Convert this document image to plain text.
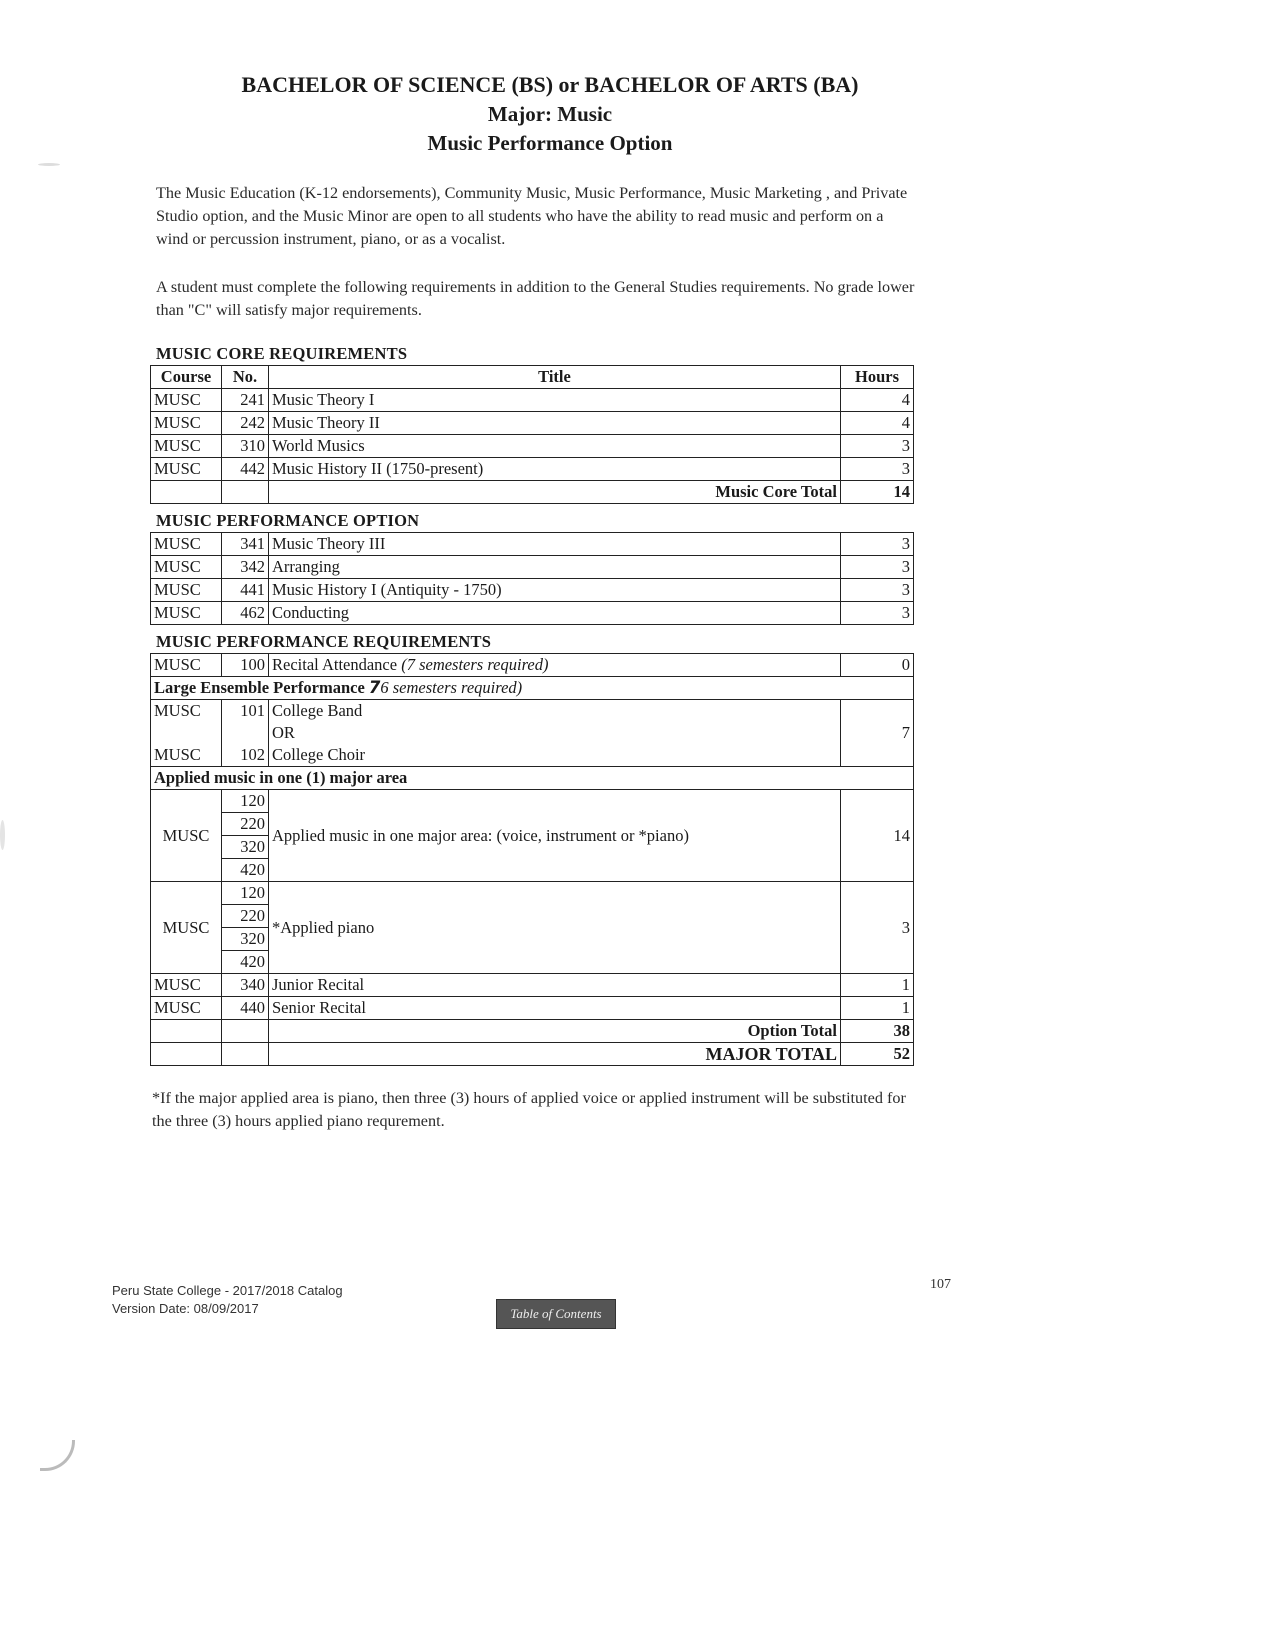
BACHELOR OF SCIENCE (BS) or BACHELOR OF ARTS (BA)
Major: Music
Music Performance Option
The Music Education (K-12 endorsements), Community Music, Music Performance, Music Marketing , and Private Studio option, and the Music Minor are open to all students who have the ability to read music and perform on a wind or percussion instrument, piano, or as a vocalist.
A student must complete the following requirements in addition to the General Studies requirements. No grade lower than "C" will satisfy major requirements.
MUSIC CORE REQUIREMENTS
Course	No.	Title	Hours
MUSC	241	Music Theory I	4
MUSC	242	Music Theory II	4
MUSC	310	World Musics	3
MUSC	442	Music History II (1750-present)	3
		Music Core Total	14
MUSIC PERFORMANCE OPTION
MUSC	341	Music Theory III	3
MUSC	342	Arranging	3
MUSC	441	Music History I (Antiquity - 1750)	3
MUSC	462	Conducting	3
MUSIC PERFORMANCE REQUIREMENTS
MUSC	100	Recital Attendance (7 semesters required)	0
Large Ensemble Performance 76 semesters required)			
MUSC	101	College Band	7
		OR	
MUSC	102	College Choir	
Applied music in one (1) major area			
MUSC	120	Applied music in one major area: (voice, instrument or *piano)	14
	220		
	320		
	420		
MUSC	120	*Applied piano	3
	220		
	320		
	420		
MUSC	340	Junior Recital	1
MUSC	440	Senior Recital	1
		Option Total	38
		MAJOR TOTAL	52
*If the major applied area is piano, then three (3) hours of applied voice or applied instrument will be substituted for the three (3) hours applied piano requrement.
Peru State College - 2017/2018 Catalog
Version Date: 08/09/2017
107
Table of Contents
